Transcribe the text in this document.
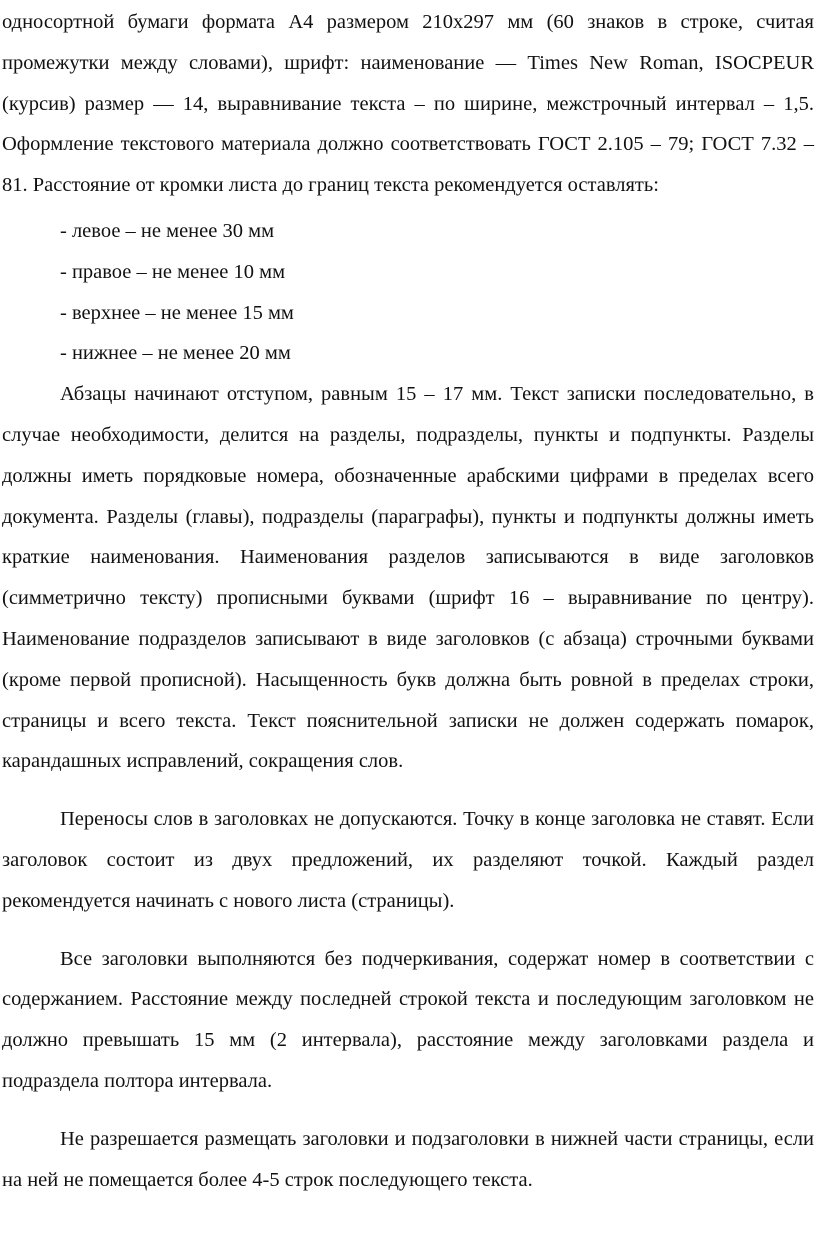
односортной бумаги формата А4 размером 210х297 мм (60 знаков в строке, считая промежутки между словами), шрифт: наименование — Times New Roman, ISOCPEUR (курсив) размер — 14, выравнивание текста – по ширине, межстрочный интервал – 1,5. Оформление текстового материала должно соответствовать ГОСТ 2.105 – 79; ГОСТ 7.32 – 81. Расстояние от кромки листа до границ текста рекомендуется оставлять:

- левое – не менее 30 мм
- правое – не менее 10 мм
- верхнее – не менее 15 мм
- нижнее – не менее 20 мм

Абзацы начинают отступом, равным 15 – 17 мм. Текст записки последовательно, в случае необходимости, делится на разделы, подразделы, пункты и подпункты. Разделы должны иметь порядковые номера, обозначенные арабскими цифрами в пределах всего документа. Разделы (главы), подразделы (параграфы), пункты и подпункты должны иметь краткие наименования. Наименования разделов записываются в виде заголовков (симметрично тексту) прописными буквами (шрифт 16 – выравнивание по центру). Наименование подразделов записывают в виде заголовков (с абзаца) строчными буквами (кроме первой прописной). Насыщенность букв должна быть ровной в пределах строки, страницы и всего текста. Текст пояснительной записки не должен содержать помарок, карандашных исправлений, сокращения слов.

Переносы слов в заголовках не допускаются. Точку в конце заголовка не ставят. Если заголовок состоит из двух предложений, их разделяют точкой. Каждый раздел рекомендуется начинать с нового листа (страницы).

Все заголовки выполняются без подчеркивания, содержат номер в соответствии с содержанием. Расстояние между последней строкой текста и последующим заголовком не должно превышать 15 мм (2 интервала), расстояние между заголовками раздела и подраздела полтора интервала.

Не разрешается размещать заголовки и подзаголовки в нижней части страницы, если на ней не помещается более 4-5 строк последующего текста.
